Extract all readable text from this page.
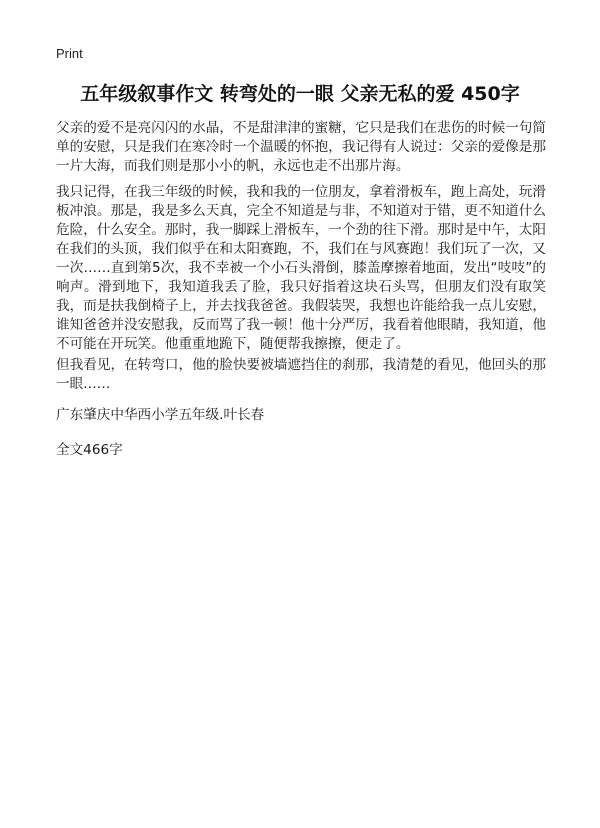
Print
五年级叙事作文 转弯处的一眼 父亲无私的爱 450字

父亲的爱不是亮闪闪的水晶，不是甜津津的蜜糖，它只是我们在悲伤的时候一句简单的安慰，只是我们在寒冷时一个温暖的怀抱，我记得有人说过：父亲的爱像是那一片大海，而我们则是那小小的帆，永远也走不出那片海。

我只记得，在我三年级的时候，我和我的一位朋友，拿着滑板车，跑上高处，玩滑板冲浪。那是，我是多么天真，完全不知道是与非，不知道对于错，更不知道什么危险，什么安全。那时，我一脚踩上滑板车，一个劲的往下滑。那时是中午，太阳在我们的头顶，我们似乎在和太阳赛跑，不，我们在与风赛跑！我们玩了一次，又一次……直到第5次，我不幸被一个小石头滑倒，膝盖摩擦着地面，发出“吱吱”的响声。滑到地下，我知道我丢了脸，我只好指着这块石头骂，但朋友们没有取笑我，而是扶我倒椅子上，并去找我爸爸。我假装哭，我想也许能给我一点儿安慰，谁知爸爸并没安慰我，反而骂了我一顿！他十分严厉，我看着他眼睛，我知道，他不可能在开玩笑。他重重地跪下，随便帮我擦擦，便走了。

但我看见，在转弯口，他的脸快要被墙遮挡住的刹那，我清楚的看见，他回头的那一眼……

广东肇庆中华西小学五年级.叶长春
全文466字
